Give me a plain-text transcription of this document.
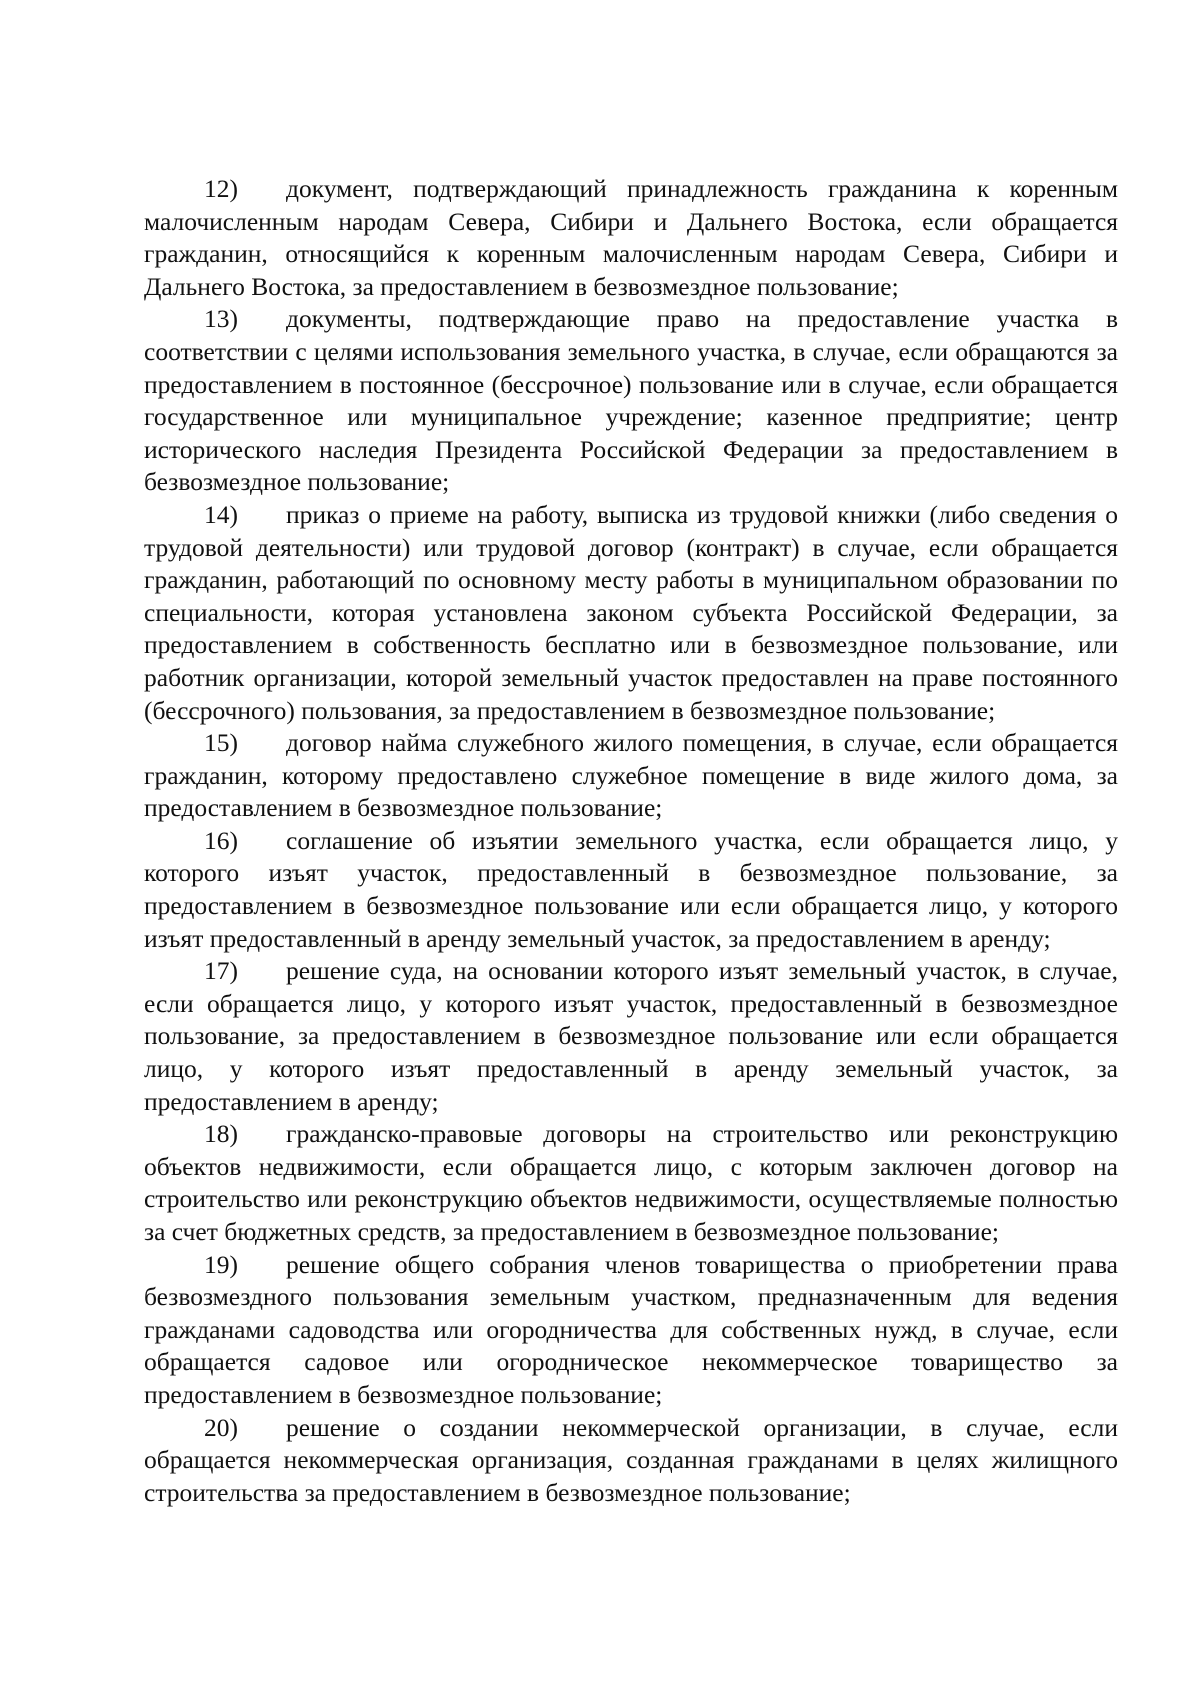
12) документ, подтверждающий принадлежность гражданина к коренным малочисленным народам Севера, Сибири и Дальнего Востока, если обращается гражданин, относящийся к коренным малочисленным народам Севера, Сибири и Дальнего Востока, за предоставлением в безвозмездное пользование;

13) документы, подтверждающие право на предоставление участка в соответствии с целями использования земельного участка, в случае, если обращаются за предоставлением в постоянное (бессрочное) пользование или в случае, если обращается государственное или муниципальное учреждение; казенное предприятие; центр исторического наследия Президента Российской Федерации за предоставлением в безвозмездное пользование;

14) приказ о приеме на работу, выписка из трудовой книжки (либо сведения о трудовой деятельности) или трудовой договор (контракт) в случае, если обращается гражданин, работающий по основному месту работы в муниципальном образовании по специальности, которая установлена законом субъекта Российской Федерации, за предоставлением в собственность бесплатно или в безвозмездное пользование, или работник организации, которой земельный участок предоставлен на праве постоянного (бессрочного) пользования, за предоставлением в безвозмездное пользование;

15) договор найма служебного жилого помещения, в случае, если обращается гражданин, которому предоставлено служебное помещение в виде жилого дома, за предоставлением в безвозмездное пользование;

16) соглашение об изъятии земельного участка, если обращается лицо, у которого изъят участок, предоставленный в безвозмездное пользование, за предоставлением в безвозмездное пользование или если обращается лицо, у которого изъят предоставленный в аренду земельный участок, за предоставлением в аренду;

17) решение суда, на основании которого изъят земельный участок, в случае, если обращается лицо, у которого изъят участок, предоставленный в безвозмездное пользование, за предоставлением в безвозмездное пользование или если обращается лицо, у которого изъят предоставленный в аренду земельный участок, за предоставлением в аренду;

18) гражданско-правовые договоры на строительство или реконструкцию объектов недвижимости, если обращается лицо, с которым заключен договор на строительство или реконструкцию объектов недвижимости, осуществляемые полностью за счет бюджетных средств, за предоставлением в безвозмездное пользование;

19) решение общего собрания членов товарищества о приобретении права безвозмездного пользования земельным участком, предназначенным для ведения гражданами садоводства или огородничества для собственных нужд, в случае, если обращается садовое или огородническое некоммерческое товарищество за предоставлением в безвозмездное пользование;

20) решение о создании некоммерческой организации, в случае, если обращается некоммерческая организация, созданная гражданами в целях жилищного строительства за предоставлением в безвозмездное пользование;
